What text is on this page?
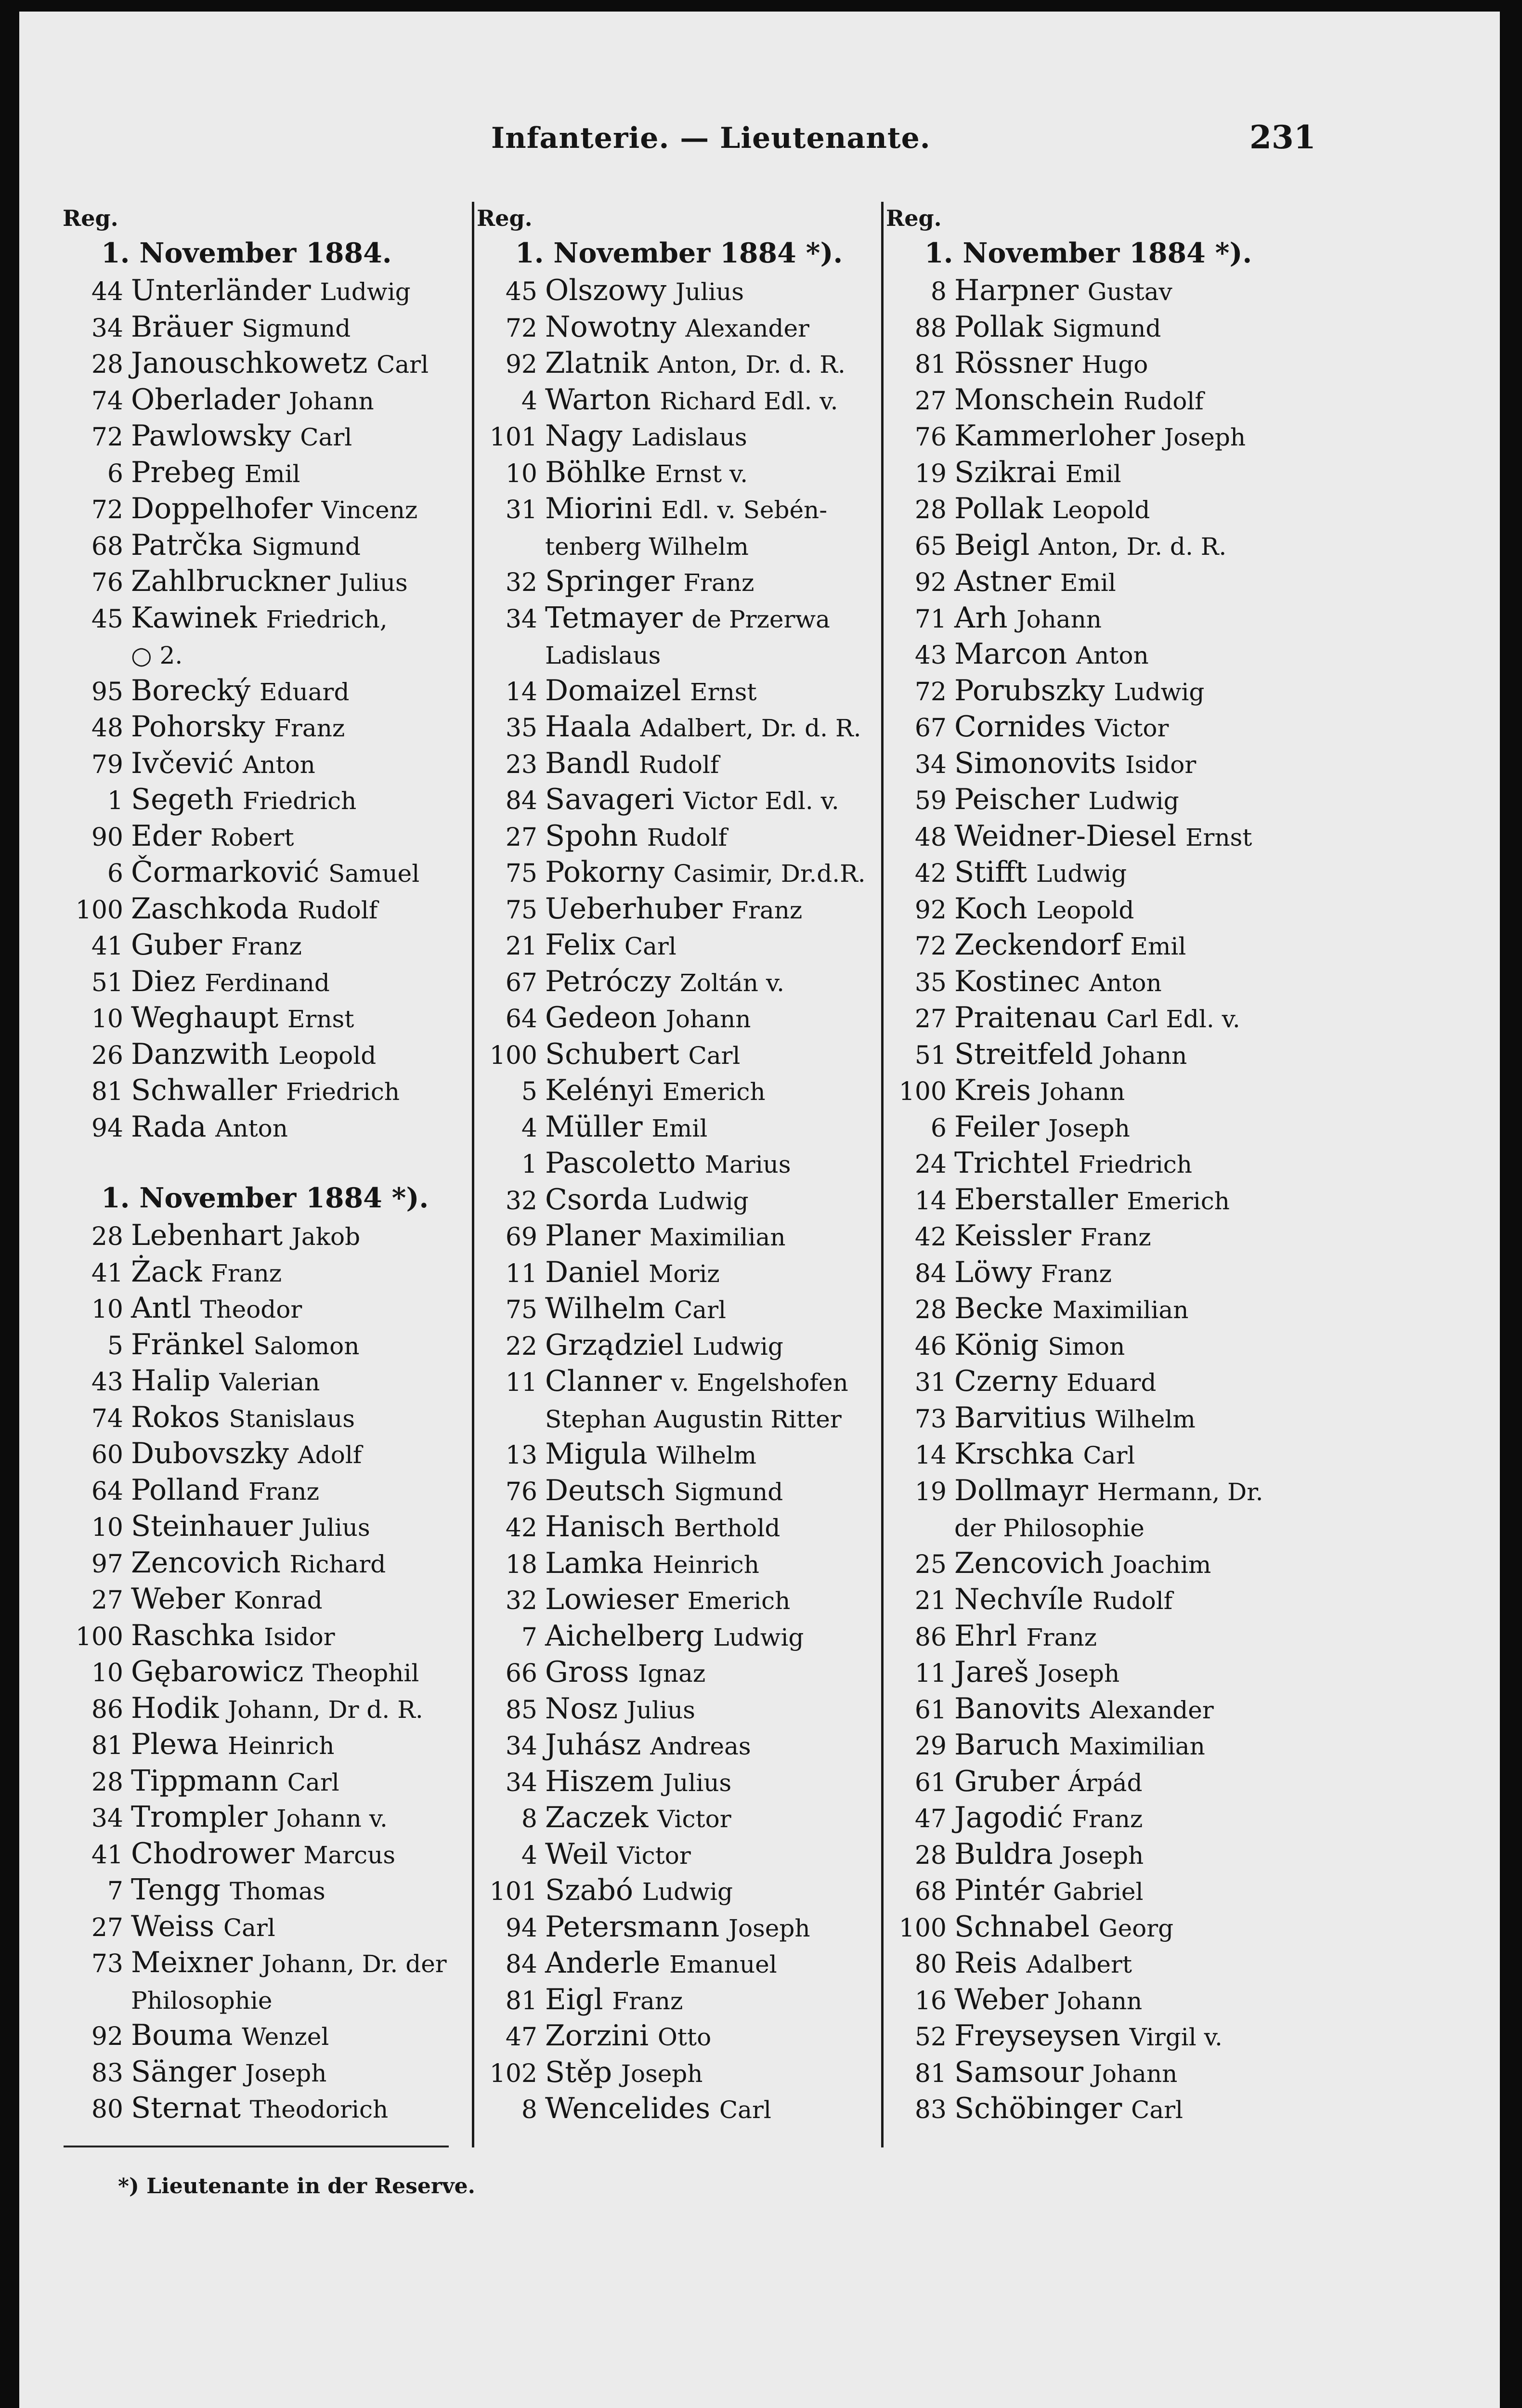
Infanterie. — Lieutenante.	231
Reg.
1. November 1884.
44 Unterländer Ludwig
34 Bräuer Sigmund
28 Janouschkowetz Carl
74 Oberlader Johann
72 Pawlowsky Carl
6 Prebeg Emil
72 Doppelhofer Vincenz
68 Patrčka Sigmund
76 Zahlbruckner Julius
45 Kawinek Friedrich,
○ 2.
95 Borecký Eduard
48 Pohorsky Franz
79 Ivčević Anton
1 Segeth Friedrich
90 Eder Robert
6 Čormarković Samuel
100 Zaschkoda Rudolf
41 Guber Franz
51 Diez Ferdinand
10 Weghaupt Ernst
26 Danzwith Leopold
81 Schwaller Friedrich
94 Rada Anton
1. November 1884 *).
28 Lebenhart Jakob
41 Żack Franz
10 Antl Theodor
5 Fränkel Salomon
43 Halip Valerian
74 Rokos Stanislaus
60 Dubovszky Adolf
64 Polland Franz
10 Steinhauer Julius
97 Zencovich Richard
27 Weber Konrad
100 Raschka Isidor
10 Gębarowicz Theophil
86 Hodik Johann, Dr d. R.
81 Plewa Heinrich
28 Tippmann Carl
34 Trompler Johann v.
41 Chodrower Marcus
7 Tengg Thomas
27 Weiss Carl
73 Meixner Johann, Dr. der
Philosophie
92 Bouma Wenzel
83 Sänger Joseph
80 Sternat Theodorich
Reg.
1. November 1884 *).
45 Olszowy Julius
72 Nowotny Alexander
92 Zlatnik Anton, Dr. d. R.
4 Warton Richard Edl. v.
101 Nagy Ladislaus
10 Böhlke Ernst v.
31 Miorini Edl. v. Sebén-
tenberg Wilhelm
32 Springer Franz
34 Tetmayer de Przerwa
Ladislaus
14 Domaizel Ernst
35 Haala Adalbert, Dr. d. R.
23 Bandl Rudolf
84 Savageri Victor Edl. v.
27 Spohn Rudolf
75 Pokorny Casimir, Dr.d.R.
75 Ueberhuber Franz
21 Felix Carl
67 Petróczy Zoltán v.
64 Gedeon Johann
100 Schubert Carl
5 Kelényi Emerich
4 Müller Emil
1 Pascoletto Marius
32 Csorda Ludwig
69 Planer Maximilian
11 Daniel Moriz
75 Wilhelm Carl
22 Grządziel Ludwig
11 Clanner v. Engelshofen
Stephan Augustin Ritter
13 Migula Wilhelm
76 Deutsch Sigmund
42 Hanisch Berthold
18 Lamka Heinrich
32 Lowieser Emerich
7 Aichelberg Ludwig
66 Gross Ignaz
85 Nosz Julius
34 Juhász Andreas
34 Hiszem Julius
8 Zaczek Victor
4 Weil Victor
101 Szabó Ludwig
94 Petersmann Joseph
84 Anderle Emanuel
81 Eigl Franz
47 Zorzini Otto
102 Stěp Joseph
8 Wencelides Carl
Reg.
1. November 1884 *).
8 Harpner Gustav
88 Pollak Sigmund
81 Rössner Hugo
27 Monschein Rudolf
76 Kammerloher Joseph
19 Szikrai Emil
28 Pollak Leopold
65 Beigl Anton, Dr. d. R.
92 Astner Emil
71 Arh Johann
43 Marcon Anton
72 Porubszky Ludwig
67 Cornides Victor
34 Simonovits Isidor
59 Peischer Ludwig
48 Weidner-Diesel Ernst
42 Stifft Ludwig
92 Koch Leopold
72 Zeckendorf Emil
35 Kostinec Anton
27 Praitenau Carl Edl. v.
51 Streitfeld Johann
100 Kreis Johann
6 Feiler Joseph
24 Trichtel Friedrich
14 Eberstaller Emerich
42 Keissler Franz
84 Löwy Franz
28 Becke Maximilian
46 König Simon
31 Czerny Eduard
73 Barvitius Wilhelm
14 Krschka Carl
19 Dollmayr Hermann, Dr.
der Philosophie
25 Zencovich Joachim
21 Nechvíle Rudolf
86 Ehrl Franz
11 Jareš Joseph
61 Banovits Alexander
29 Baruch Maximilian
61 Gruber Árpád
47 Jagodić Franz
28 Buldra Joseph
68 Pintér Gabriel
100 Schnabel Georg
80 Reis Adalbert
16 Weber Johann
52 Freyseysen Virgil v.
81 Samsour Johann
83 Schöbinger Carl
*) Lieutenante in der Reserve.
